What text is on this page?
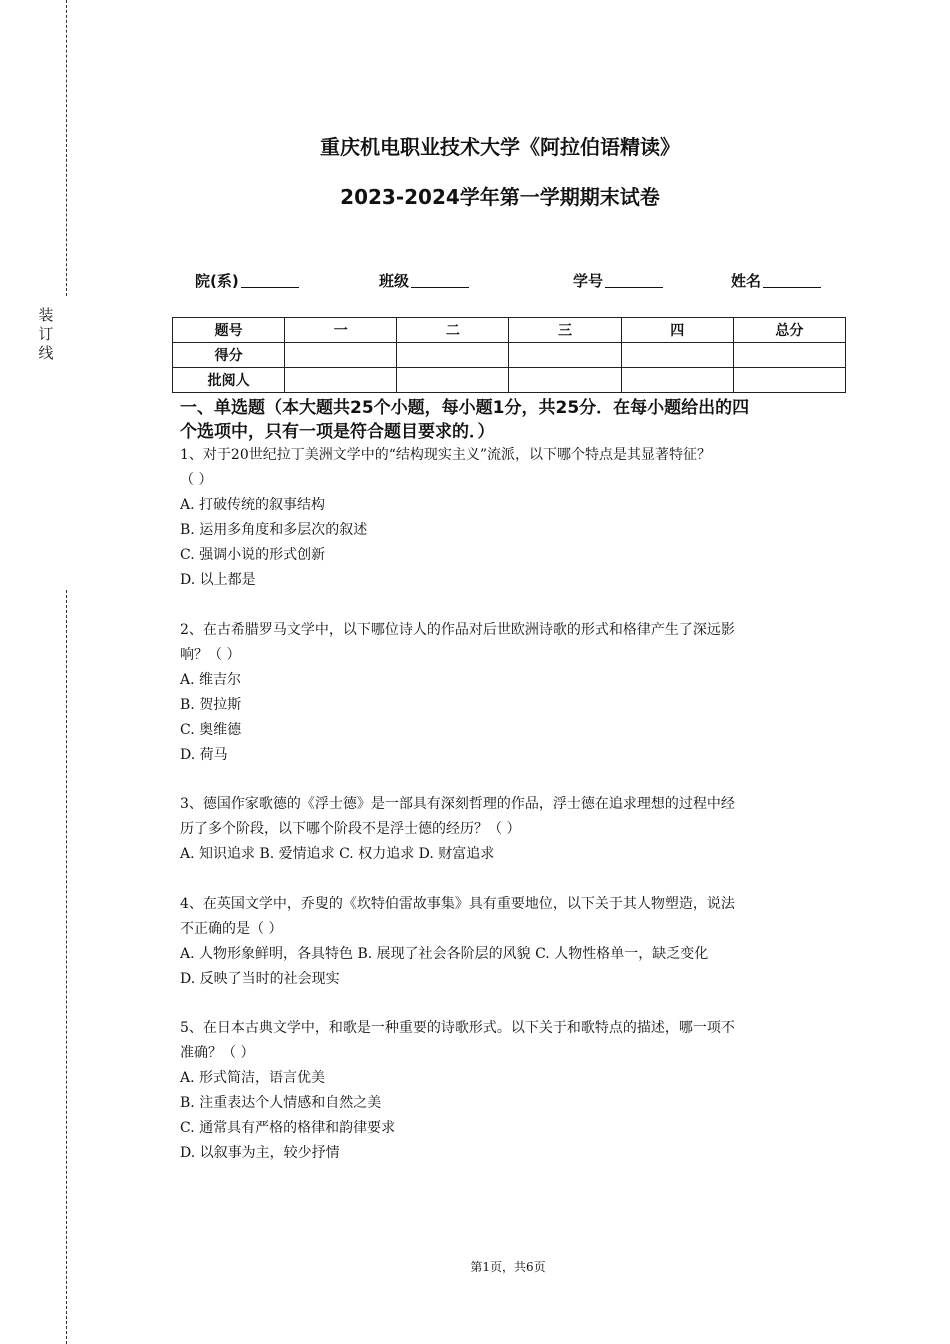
装
订
线
重庆机电职业技术大学《阿拉伯语精读》
2023-2024学年第一学期期末试卷
院(系)	班级	学号	姓名
题号	一	二	三	四	总分
得分					
批阅人					
一、单选题（本大题共25个小题，每小题1分，共25分．在每小题给出的四
个选项中，只有一项是符合题目要求的．）

1、对于20世纪拉丁美洲文学中的“结构现实主义”流派，以下哪个特点是其显著特征？

（ ）

A. 打破传统的叙事结构

B. 运用多角度和多层次的叙述

C. 强调小说的形式创新

D. 以上都是

2、在古希腊罗马文学中，以下哪位诗人的作品对后世欧洲诗歌的形式和格律产生了深远影

响？（ ）

A. 维吉尔

B. 贺拉斯

C. 奥维德

D. 荷马

3、德国作家歌德的《浮士德》是一部具有深刻哲理的作品，浮士德在追求理想的过程中经

历了多个阶段，以下哪个阶段不是浮士德的经历？（ ）

A. 知识追求 B. 爱情追求 C. 权力追求 D. 财富追求

4、在英国文学中，乔叟的《坎特伯雷故事集》具有重要地位，以下关于其人物塑造，说法

不正确的是（ ）

A. 人物形象鲜明，各具特色 B. 展现了社会各阶层的风貌 C. 人物性格单一，缺乏变化

D. 反映了当时的社会现实

5、在日本古典文学中，和歌是一种重要的诗歌形式。以下关于和歌特点的描述，哪一项不

准确？（ ）

A. 形式简洁，语言优美

B. 注重表达个人情感和自然之美

C. 通常具有严格的格律和韵律要求

D. 以叙事为主，较少抒情

第1页，共6页
